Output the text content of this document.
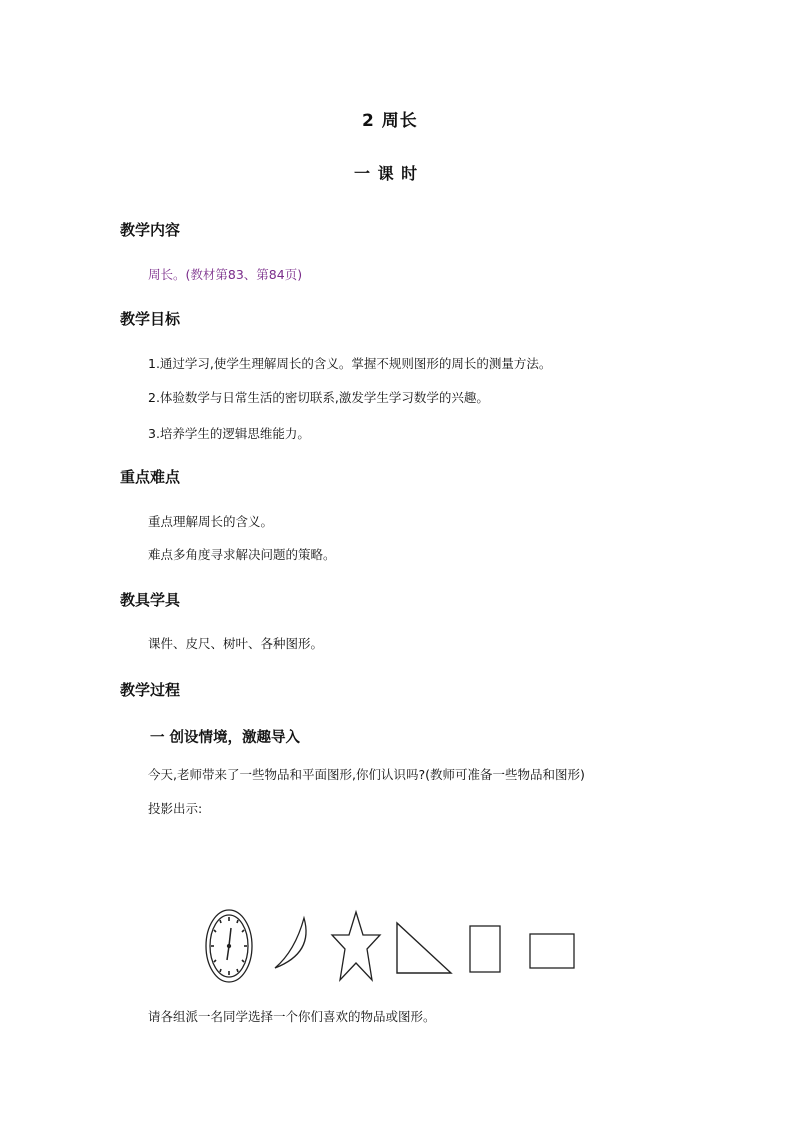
2 周长
一 课 时
教学内容
周长。(教材第83、第84页)
教学目标
1.通过学习,使学生理解周长的含义。掌握不规则图形的周长的测量方法。
2.体验数学与日常生活的密切联系,激发学生学习数学的兴趣。
3.培养学生的逻辑思维能力。
重点难点
重点理解周长的含义。
难点多角度寻求解决问题的策略。
教具学具
课件、皮尺、树叶、各种图形。
教学过程
一 创设情境，激趣导入
今天,老师带来了一些物品和平面图形,你们认识吗?(教师可准备一些物品和图形)
投影出示:
请各组派一名同学选择一个你们喜欢的物品或图形。
